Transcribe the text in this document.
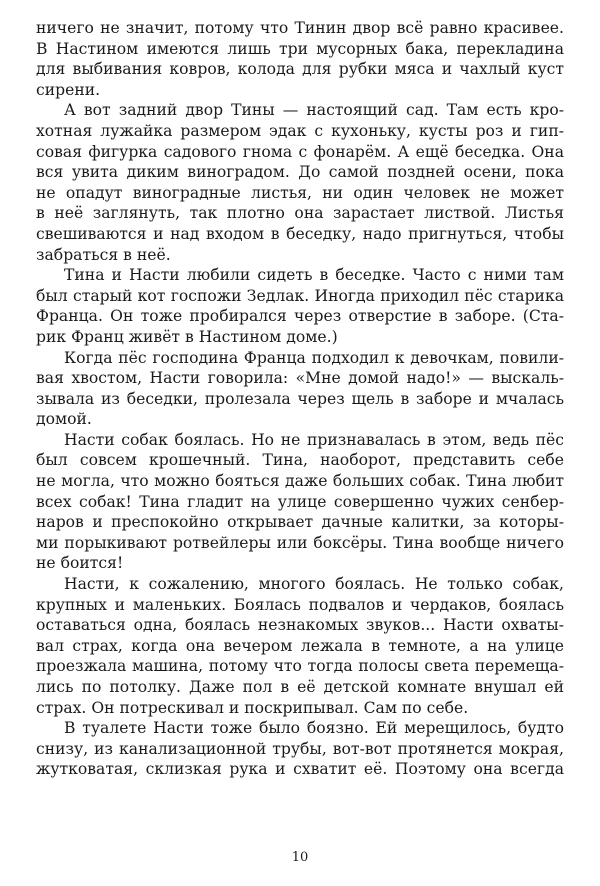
ничего не значит, потому что Тинин двор всё равно красивее.
В Настином имеются лишь три мусорных бака, перекладина
для выбивания ковров, колода для рубки мяса и чахлый куст
сирени.
А вот задний двор Тины — настоящий сад. Там есть кро-
хотная лужайка размером эдак с кухоньку, кусты роз и гип-
совая фигурка садового гнома с фонарём. А ещё беседка. Она
вся увита диким виноградом. До самой поздней осени, пока
не опадут виноградные листья, ни один человек не может
в неё заглянуть, так плотно она зарастает листвой. Листья
свешиваются и над входом в беседку, надо пригнуться, чтобы
забраться в неё.
Тина и Насти любили сидеть в беседке. Часто с ними там
был старый кот госпожи Зедлак. Иногда приходил пёс старика
Франца. Он тоже пробирался через отверстие в заборе. (Ста-
рик Франц живёт в Настином доме.)
Когда пёс господина Франца подходил к девочкам, повили-
вая хвостом, Насти говорила: «Мне домой надо!» — выскаль-
зывала из беседки, пролезала через щель в заборе и мчалась
домой.
Насти собак боялась. Но не признавалась в этом, ведь пёс
был совсем крошечный. Тина, наоборот, представить себе
не могла, что можно бояться даже больших собак. Тина любит
всех собак! Тина гладит на улице совершенно чужих сенбер-
наров и преспокойно открывает дачные калитки, за которы-
ми порыкивают ротвейлеры или боксёры. Тина вообще ничего
не боится!
Насти, к сожалению, многого боялась. Не только собак,
крупных и маленьких. Боялась подвалов и чердаков, боялась
оставаться одна, боялась незнакомых звуков... Насти охваты-
вал страх, когда она вечером лежала в темноте, а на улице
проезжала машина, потому что тогда полосы света перемеща-
лись по потолку. Даже пол в её детской комнате внушал ей
страх. Он потрескивал и поскрипывал. Сам по себе.
В туалете Насти тоже было боязно. Ей мерещилось, будто
снизу, из канализационной трубы, вот-вот протянется мокрая,
жутковатая, склизкая рука и схватит её. Поэтому она всегда
10
